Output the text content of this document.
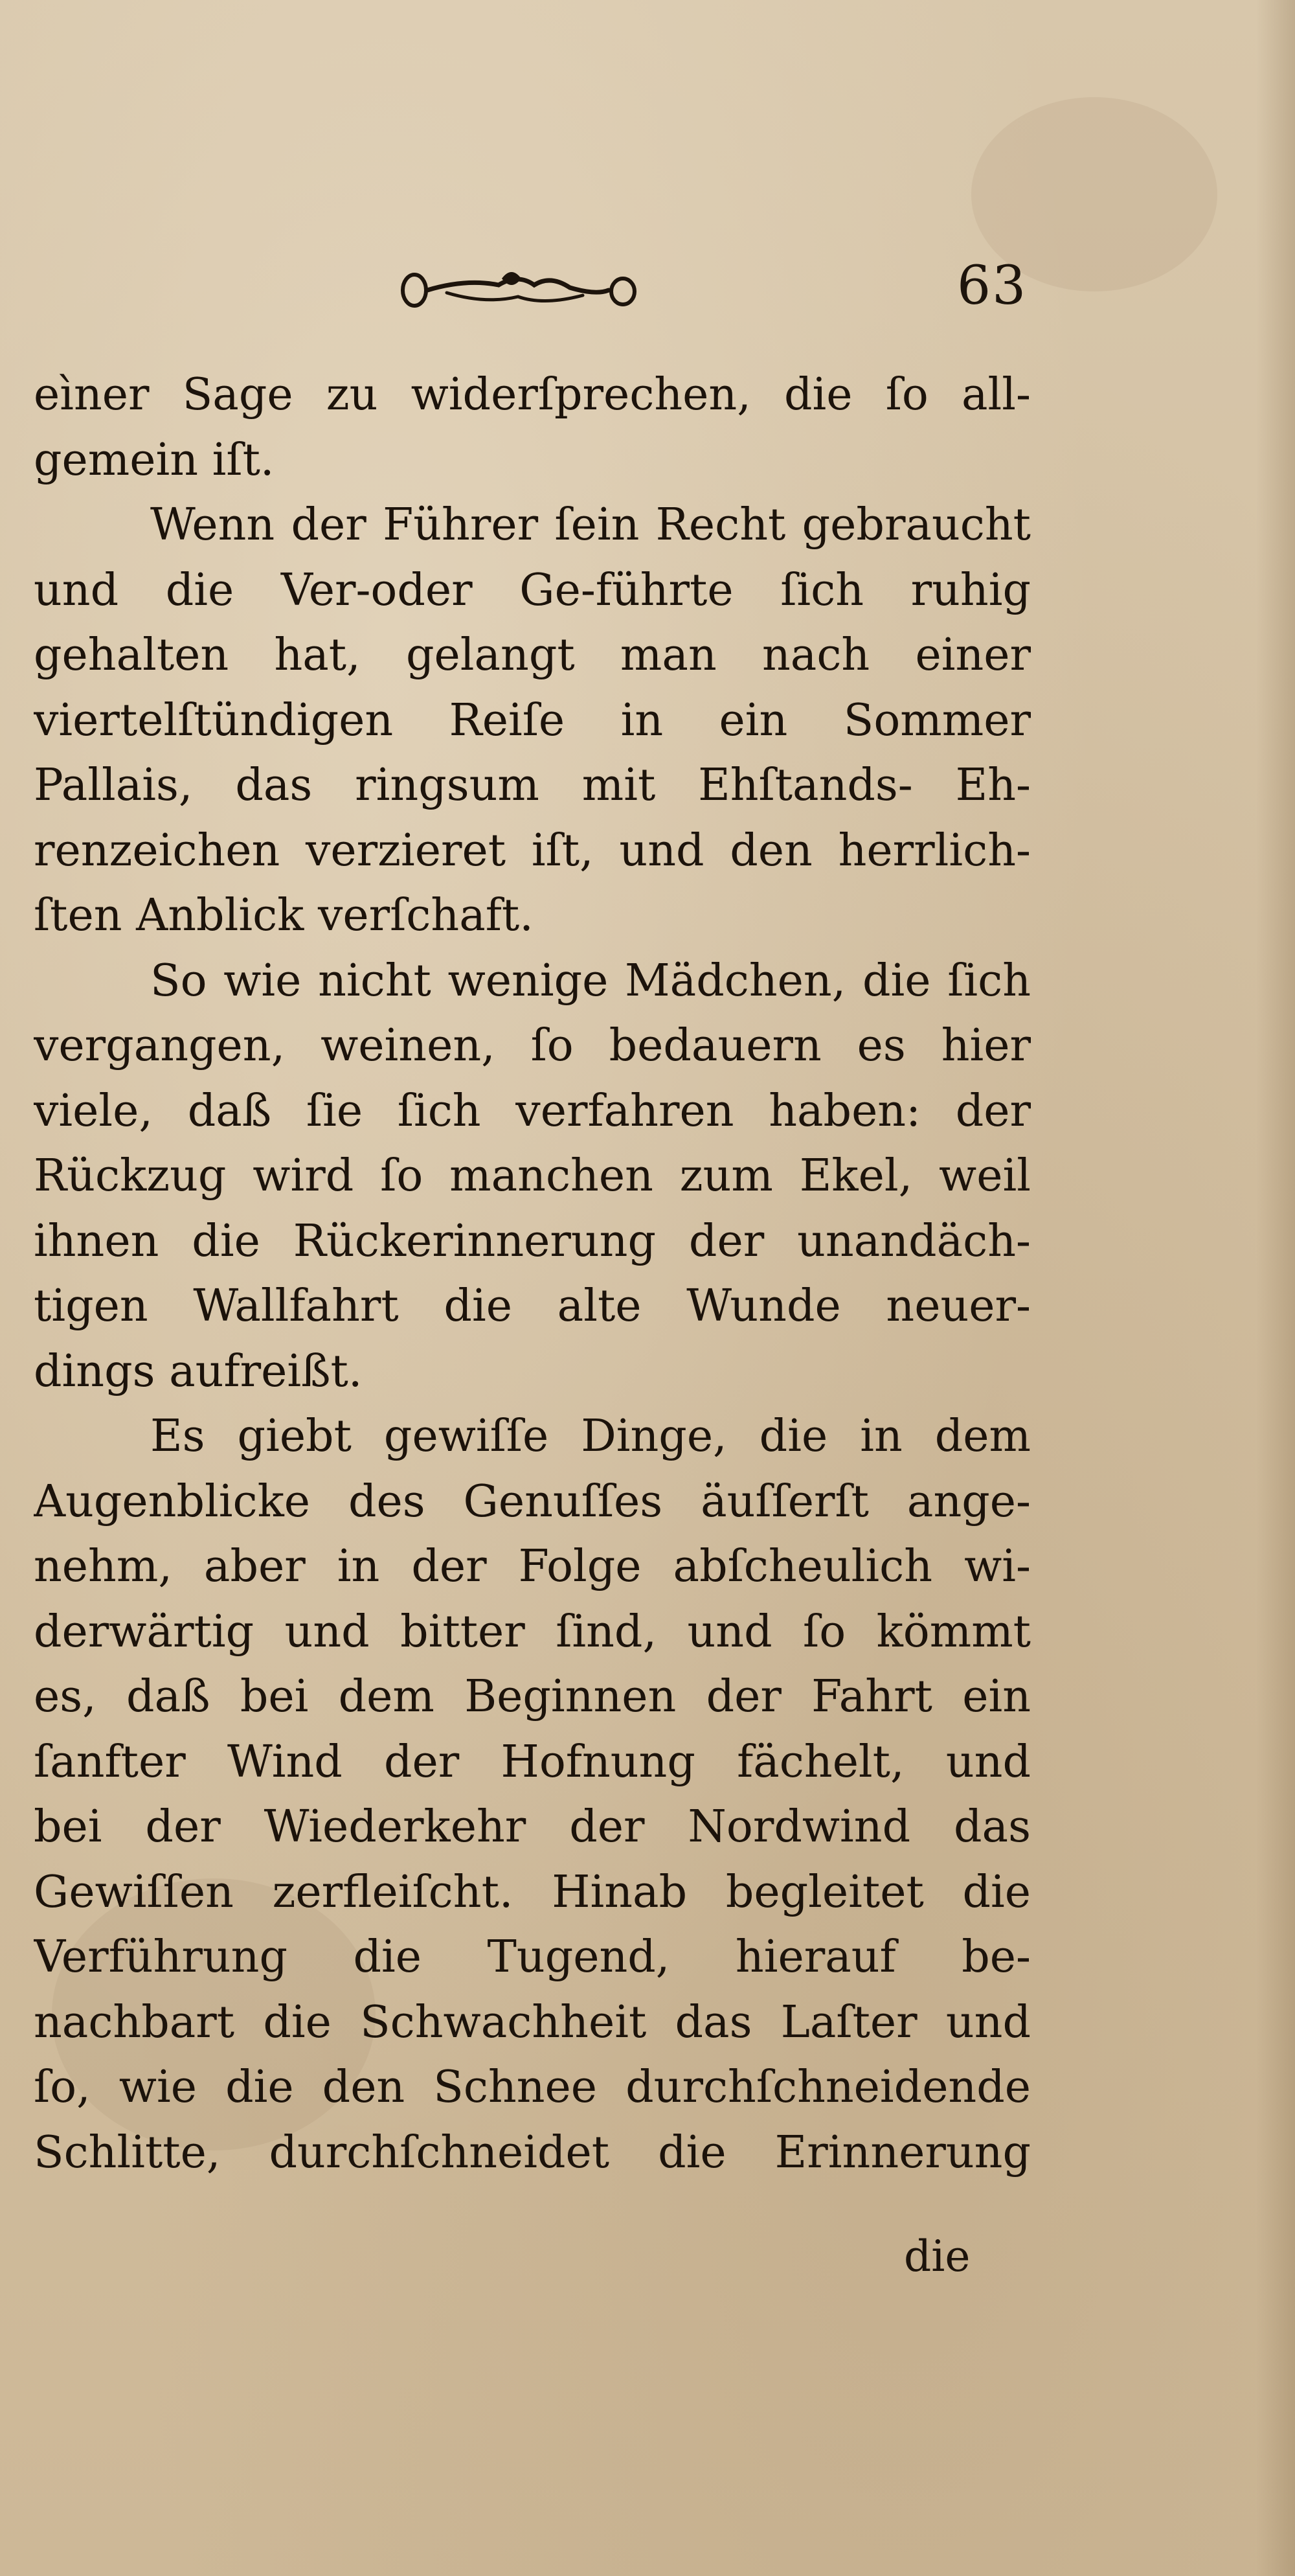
63
eìner Sage zu widerſprechen, die ſo all-
gemein iſt.
Wenn der Führer ſein Recht gebraucht
und die Ver-oder Ge-führte ſich ruhig
gehalten hat, gelangt man nach einer
viertelſtündigen Reiſe in ein Sommer
Pallais, das ringsum mit Ehſtands- Eh-
renzeichen verzieret iſt, und den herrlich-
ſten Anblick verſchaft.
So wie nicht wenige Mädchen, die ſich
vergangen, weinen, ſo bedauern es hier
viele, daß ſie ſich verfahren haben: der
Rückzug wird ſo manchen zum Ekel, weil
ihnen die Rückerinnerung der unandäch-
tigen Wallfahrt die alte Wunde neuer-
dings aufreißt.
Es giebt gewiſſe Dinge, die in dem
Augenblicke des Genuſſes äuſſerſt ange-
nehm, aber in der Folge abſcheulich wi-
derwärtig und bitter ſind, und ſo kömmt
es, daß bei dem Beginnen der Fahrt ein
ſanfter Wind der Hofnung fächelt, und
bei der Wiederkehr der Nordwind das
Gewiſſen zerfleiſcht. Hinab begleitet die
Verführung die Tugend, hierauf be-
nachbart die Schwachheit das Laſter und
ſo, wie die den Schnee durchſchneidende
Schlitte, durchſchneidet die Erinnerung
die
